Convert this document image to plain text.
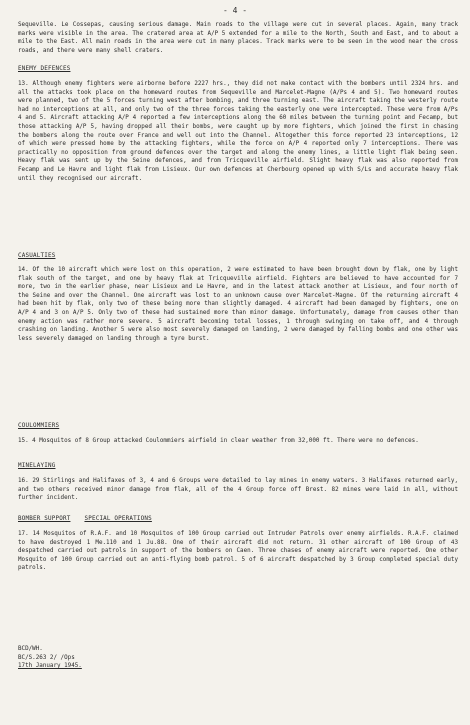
- 4 -
Sequeville. Le Cossepas, causing serious damage. Main roads to the village were cut in several places. Again, many track marks were visible in the area. The cratered area at A/P 5 extended for a mile to the North, South and East, and to about a mile to the East. All main roads in the area were cut in many places. Track marks were to be seen in the wood near the cross roads, and there were many shell craters.
ENEMY DEFENCES
13. Although enemy fighters were airborne before 2227 hrs., they did not make contact with the bombers until 2324 hrs. and all the attacks took place on the homeward routes from Sequeville and Marcelet-Magne (A/Ps 4 and 5). Two homeward routes were planned, two of the 5 forces turning west after bombing, and three turning east. The aircraft taking the westerly route had no interceptions at all, and only two of the three forces taking the easterly one were intercepted. These were from A/Ps 4 and 5. Aircraft attacking A/P 4 reported a few interceptions along the 60 miles between the turning point and Fecamp, but those attacking A/P 5, having dropped all their bombs, were caught up by more fighters, which joined the first in chasing the bombers along the route over France and well out into the Channel. Altogether this force reported 23 interceptions, 12 of which were pressed home by the attacking fighters, while the force on A/P 4 reported only 7 interceptions. There was practically no opposition from ground defences over the target and along the enemy lines, a little light flak being seen. Heavy flak was sent up by the Seine defences, and from Tricqueville airfield. Slight heavy flak was also reported from Fecamp and Le Havre and light flak from Lisieux. Our own defences at Cherbourg opened up with S/Ls and accurate heavy flak until they recognised our aircraft.
CASUALTIES
14. Of the 10 aircraft which were lost on this operation, 2 were estimated to have been brought down by flak, one by light flak south of the target, and one by heavy flak at Tricqueville airfield. Fighters are believed to have accounted for 7 more, two in the earlier phase, near Lisieux and Le Havre, and in the latest attack another at Lisieux, and four north of the Seine and over the Channel. One aircraft was lost to an unknown cause over Marcelet-Magne. Of the returning aircraft 4 had been hit by flak, only two of these being more than slightly damaged. 4 aircraft had been damaged by fighters, one on A/P 4 and 3 on A/P 5. Only two of these had sustained more than minor damage. Unfortunately, damage from causes other than enemy action was rather more severe. 5 aircraft becoming total losses, 1 through swinging on take off, and 4 through crashing on landing. Another 5 were also most severely damaged on landing, 2 were damaged by falling bombs and one other was less severely damaged on landing through a tyre burst.
COULOMMIERS
15. 4 Mosquitos of 8 Group attacked Coulommiers airfield in clear weather from 32,000 ft. There were no defences.
MINELAYING
16. 29 Stirlings and Halifaxes of 3, 4 and 6 Groups were detailed to lay mines in enemy waters. 3 Halifaxes returned early, and two others received minor damage from flak, all of the 4 Group force off Brest. 82 mines were laid in all, without further incident.
BOMBER SUPPORT SPECIAL OPERATIONS
17. 14 Mosquitos of R.A.F. and 10 Mosquitos of 100 Group carried out Intruder Patrols over enemy airfields. R.A.F. claimed to have destroyed 1 Me.110 and 1 Ju.88. One of their aircraft did not return. 31 other aircraft of 100 Group of 43 despatched carried out patrols in support of the bombers on Caen. Three chases of enemy aircraft were reported. One other Mosquito of 100 Group carried out an anti-flying bomb patrol. 5 of 6 aircraft despatched by 3 Group completed special duty patrols.
BCD/WH.
BC/S.263 2/ /Ops
17th January 1945.
